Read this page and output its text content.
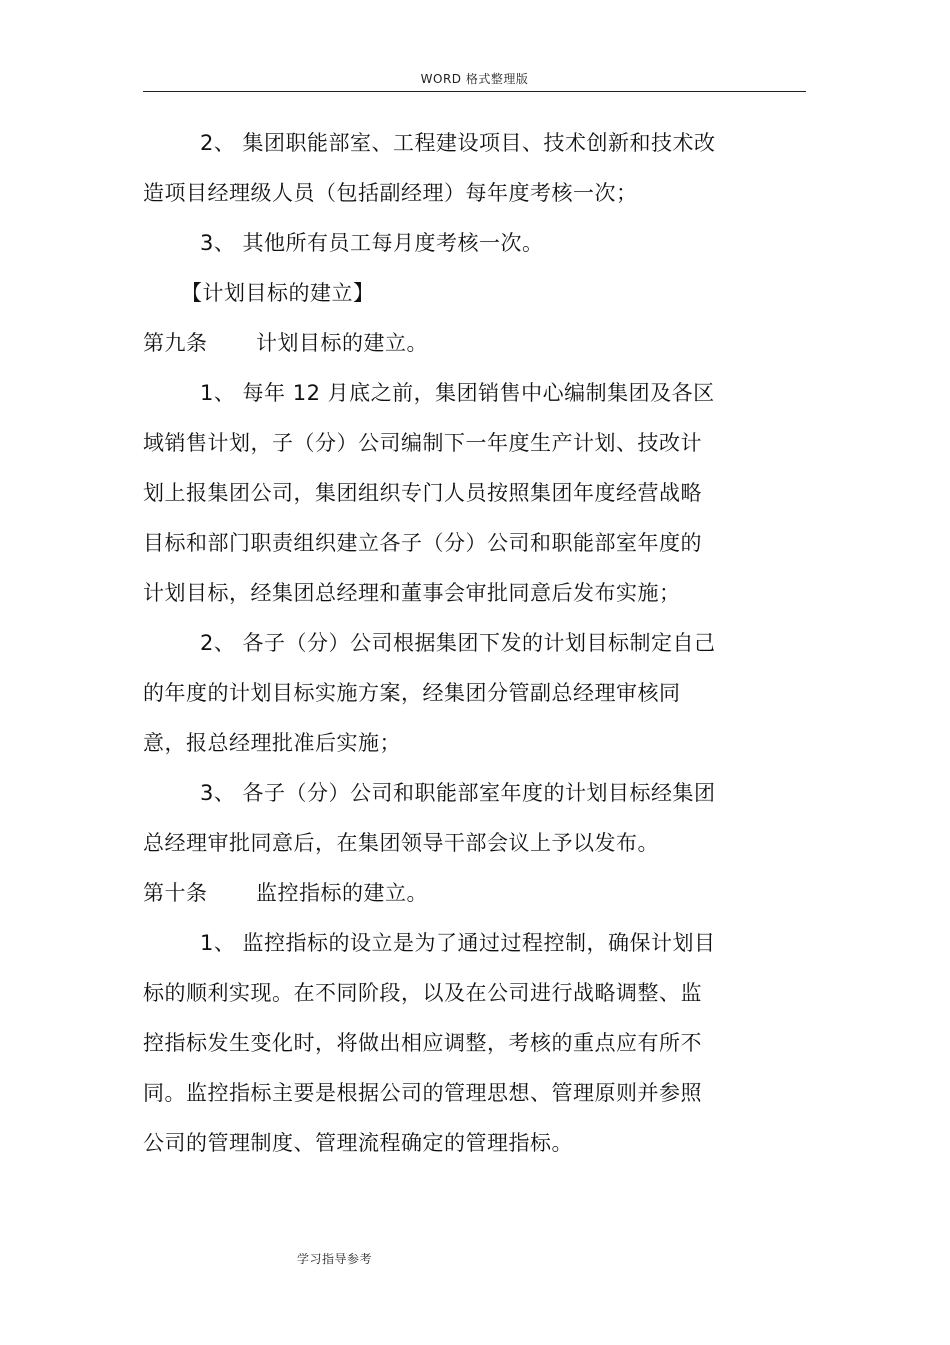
WORD 格式整理版
2、 集团职能部室、工程建设项目、技术创新和技术改
造项目经理级人员（包括副经理）每年度考核一次；
3、 其他所有员工每月度考核一次。
【计划目标的建立】
第九条 计划目标的建立。
1、 每年 12 月底之前，集团销售中心编制集团及各区
域销售计划，子（分）公司编制下一年度生产计划、技改计
划上报集团公司，集团组织专门人员按照集团年度经营战略
目标和部门职责组织建立各子（分）公司和职能部室年度的
计划目标，经集团总经理和董事会审批同意后发布实施；
2、 各子（分）公司根据集团下发的计划目标制定自己
的年度的计划目标实施方案，经集团分管副总经理审核同
意，报总经理批准后实施；
3、 各子（分）公司和职能部室年度的计划目标经集团
总经理审批同意后，在集团领导干部会议上予以发布。
第十条 监控指标的建立。
1、 监控指标的设立是为了通过过程控制，确保计划目
标的顺利实现。在不同阶段，以及在公司进行战略调整、监
控指标发生变化时，将做出相应调整，考核的重点应有所不
同。监控指标主要是根据公司的管理思想、管理原则并参照
公司的管理制度、管理流程确定的管理指标。
学习指导参考
